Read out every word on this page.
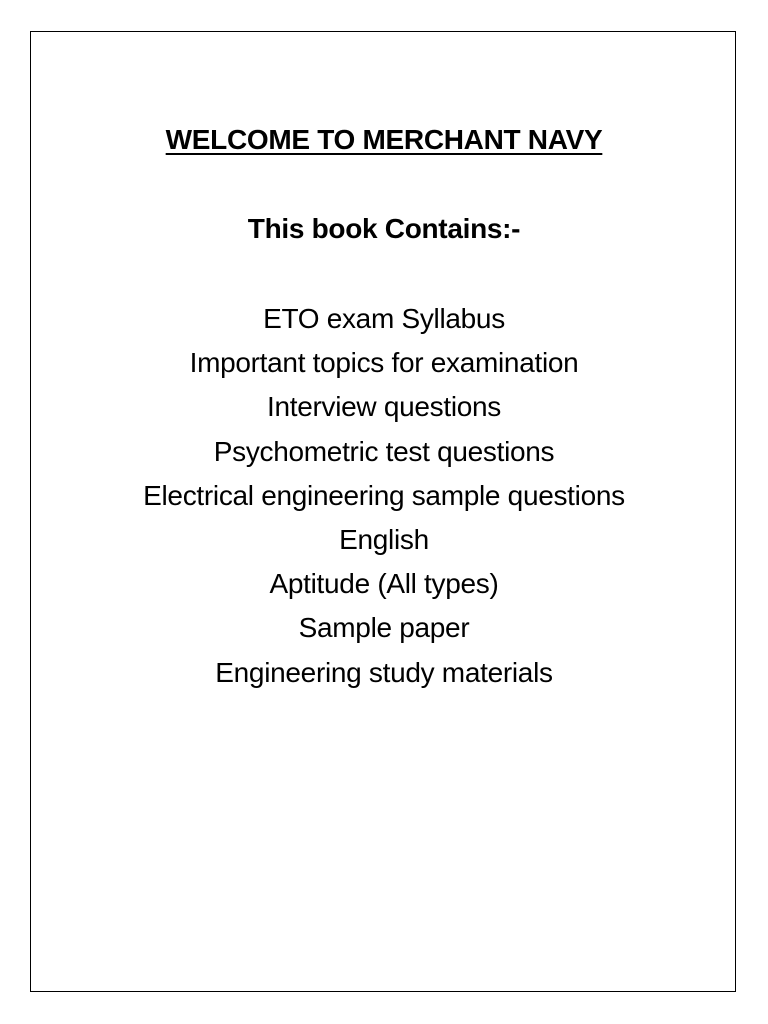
WELCOME TO MERCHANT NAVY
This book Contains:-
ETO exam Syllabus
Important topics for examination
Interview questions
Psychometric test questions
Electrical engineering sample questions
English
Aptitude (All types)
Sample paper
Engineering study materials
